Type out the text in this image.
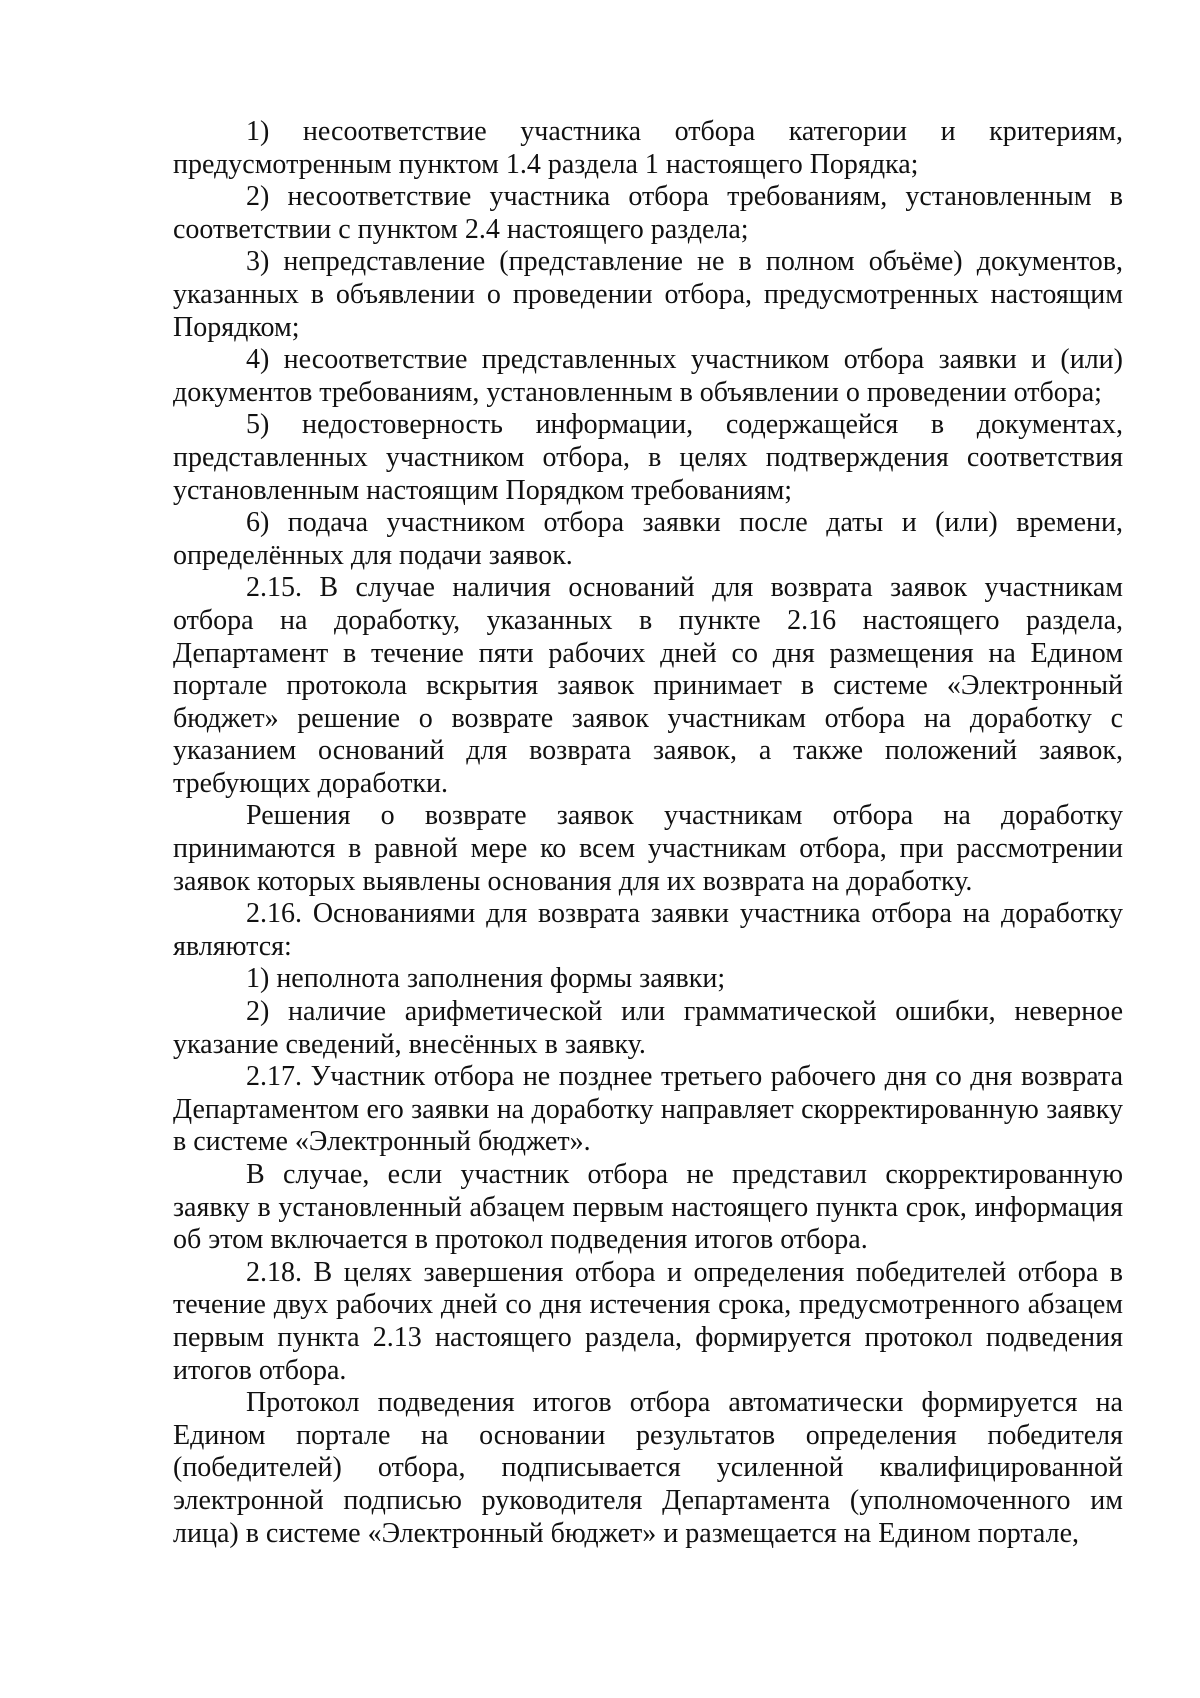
1) несоответствие участника отбора категории и критериям, предусмотренным пунктом 1.4 раздела 1 настоящего Порядка;

2) несоответствие участника отбора требованиям, установленным в соответствии с пунктом 2.4 настоящего раздела;

3) непредставление (представление не в полном объёме) документов, указанных в объявлении о проведении отбора, предусмотренных настоящим Порядком;

4) несоответствие представленных участником отбора заявки и (или) документов требованиям, установленным в объявлении о проведении отбора;

5) недостоверность информации, содержащейся в документах, представленных участником отбора, в целях подтверждения соответствия установленным настоящим Порядком требованиям;

6) подача участником отбора заявки после даты и (или) времени, определённых для подачи заявок.

2.15. В случае наличия оснований для возврата заявок участникам отбора на доработку, указанных в пункте 2.16 настоящего раздела, Департамент в течение пяти рабочих дней со дня размещения на Едином портале протокола вскрытия заявок принимает в системе «Электронный бюджет» решение о возврате заявок участникам отбора на доработку с указанием оснований для возврата заявок, а также положений заявок, требующих доработки.

Решения о возврате заявок участникам отбора на доработку принимаются в равной мере ко всем участникам отбора, при рассмотрении заявок которых выявлены основания для их возврата на доработку.

2.16. Основаниями для возврата заявки участника отбора на доработку являются:

1) неполнота заполнения формы заявки;

2) наличие арифметической или грамматической ошибки, неверное указание сведений, внесённых в заявку.

2.17. Участник отбора не позднее третьего рабочего дня со дня возврата Департаментом его заявки на доработку направляет скорректированную заявку в системе «Электронный бюджет».

В случае, если участник отбора не представил скорректированную заявку в установленный абзацем первым настоящего пункта срок, информация об этом включается в протокол подведения итогов отбора.

2.18. В целях завершения отбора и определения победителей отбора в течение двух рабочих дней со дня истечения срока, предусмотренного абзацем первым пункта 2.13 настоящего раздела, формируется протокол подведения итогов отбора.

Протокол подведения итогов отбора автоматически формируется на Едином портале на основании результатов определения победителя (победителей) отбора, подписывается усиленной квалифицированной электронной подписью руководителя Департамента (уполномоченного им лица) в системе «Электронный бюджет» и размещается на Едином портале,
